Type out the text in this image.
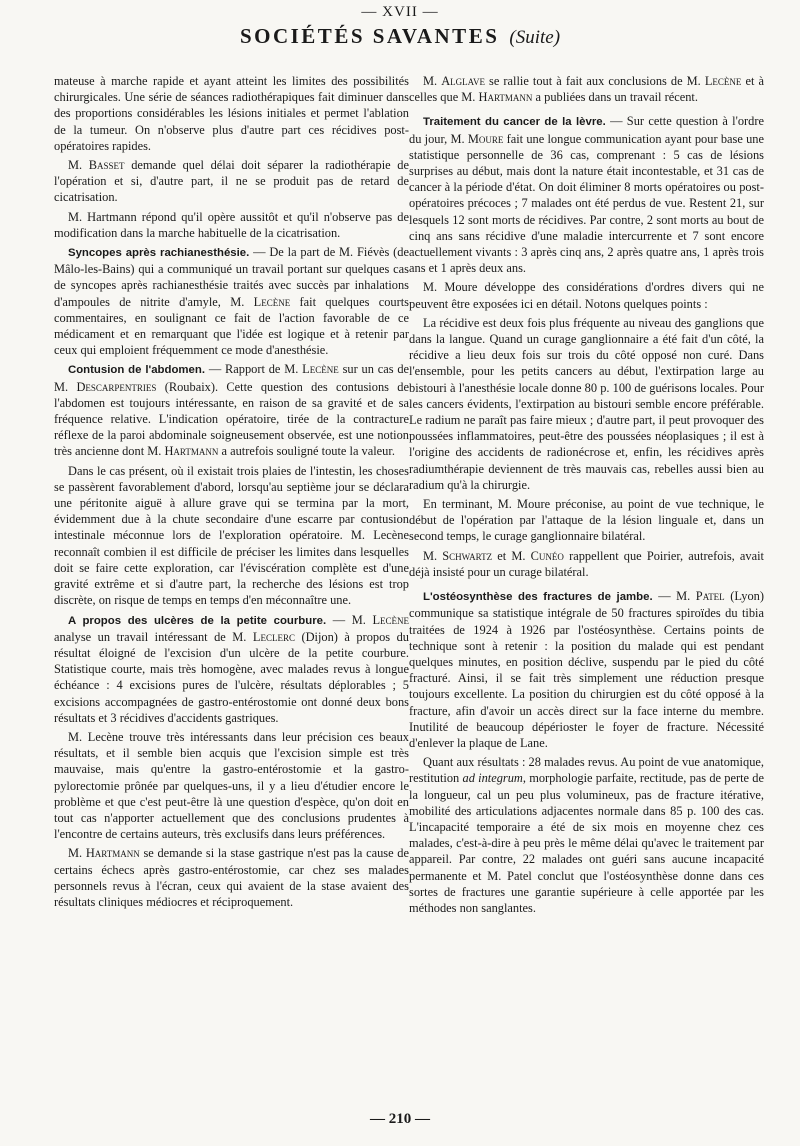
— XVII —
SOCIÉTÉS SAVANTES (Suite)

mateuse à marche rapide et ayant atteint les limites des possibilités chirurgicales. Une série de séances radiothérapiques fait diminuer dans des proportions considérables les lésions initiales et permet l'ablation de la tumeur. On n'observe plus d'autre part ces récidives post-opératoires rapides.

M. Basset demande quel délai doit séparer la radiothérapie de l'opération et si, d'autre part, il ne se produit pas de retard de cicatrisation.

M. Hartmann répond qu'il opère aussitôt et qu'il n'observe pas de modification dans la marche habituelle de la cicatrisation.

Syncopes après rachianesthésie. — De la part de M. Fiévès (de Mâlo-les-Bains) qui a communiqué un travail portant sur quelques cas de syncopes après rachianesthésie traités avec succès par inhalations d'ampoules de nitrite d'amyle, M. Lecène fait quelques courts commentaires, en soulignant ce fait de l'action favorable de ce médicament et en remarquant que l'idée est logique et à retenir par ceux qui emploient fréquemment ce mode d'anesthésie.

Contusion de l'abdomen. — Rapport de M. Lecène sur un cas de M. Descarpentries (Roubaix). Cette question des contusions de l'abdomen est toujours intéressante, en raison de sa gravité et de sa fréquence relative. L'indication opératoire, tirée de la contracture réflexe de la paroi abdominale soigneusement observée, est une notion très ancienne dont M. Hartmann a autrefois souligné toute la valeur.

Dans le cas présent, où il existait trois plaies de l'intestin, les choses se passèrent favorablement d'abord, lorsqu'au septième jour se déclara une péritonite aiguë à allure grave qui se termina par la mort, évidemment due à la chute secondaire d'une escarre par contusion intestinale méconnue lors de l'exploration opératoire. M. Lecène reconnaît combien il est difficile de préciser les limites dans lesquelles doit se faire cette exploration, car l'éviscération complète est d'une gravité extrême et si d'autre part, la recherche des lésions est trop discrète, on risque de temps en temps d'en méconnaître une.

A propos des ulcères de la petite courbure. — M. Lecène analyse un travail intéressant de M. Leclerc (Dijon) à propos du résultat éloigné de l'excision d'un ulcère de la petite courbure. Statistique courte, mais très homogène, avec malades revus à longue échéance : 4 excisions pures de l'ulcère, résultats déplorables ; 5 excisions accompagnées de gastro-entérostomie ont donné deux bons résultats et 3 récidives d'accidents gastriques.

M. Lecène trouve très intéressants dans leur précision ces beaux résultats, et il semble bien acquis que l'excision simple est très mauvaise, mais qu'entre la gastro-entérostomie et la gastro-pylorectomie prônée par quelques-uns, il y a lieu d'étudier encore le problème et que c'est peut-être là une question d'espèce, qu'on doit en tout cas n'apporter actuellement que des conclusions prudentes à l'encontre de certains auteurs, très exclusifs dans leurs préférences.

M. Hartmann se demande si la stase gastrique n'est pas la cause de certains échecs après gastro-entérostomie, car chez ses malades personnels revus à l'écran, ceux qui avaient de la stase avaient des résultats cliniques médiocres et réciproquement.

M. Alglave se rallie tout à fait aux conclusions de M. Lecène et à celles que M. Hartmann a publiées dans un travail récent.

Traitement du cancer de la lèvre. — Sur cette question à l'ordre du jour, M. Moure fait une longue communication ayant pour base une statistique personnelle de 36 cas, comprenant : 5 cas de lésions surprises au début, mais dont la nature était incontestable, et 31 cas de cancer à la période d'état. On doit éliminer 8 morts opératoires ou post-opératoires précoces ; 7 malades ont été perdus de vue. Restent 21, sur lesquels 12 sont morts de récidives. Par contre, 2 sont morts au bout de cinq ans sans récidive d'une maladie intercurrente et 7 sont encore actuellement vivants : 3 après cinq ans, 2 après quatre ans, 1 après trois ans et 1 après deux ans.

M. Moure développe des considérations d'ordres divers qui ne peuvent être exposées ici en détail. Notons quelques points :

La récidive est deux fois plus fréquente au niveau des ganglions que dans la langue. Quand un curage ganglionnaire a été fait d'un côté, la récidive a lieu deux fois sur trois du côté opposé non curé. Dans l'ensemble, pour les petits cancers au début, l'extirpation large au bistouri à l'anesthésie locale donne 80 p. 100 de guérisons locales. Pour les cancers évidents, l'extirpation au bistouri semble encore préférable. Le radium ne paraît pas faire mieux ; d'autre part, il peut provoquer des poussées inflammatoires, peut-être des poussées néoplasiques ; il est à l'origine des accidents de radionécrose et, enfin, les récidives après radiumthérapie deviennent de très mauvais cas, rebelles aussi bien au radium qu'à la chirurgie.

En terminant, M. Moure préconise, au point de vue technique, le début de l'opération par l'attaque de la lésion linguale et, dans un second temps, le curage ganglionnaire bilatéral.

M. Schwartz et M. Cunéo rappellent que Poirier, autrefois, avait déjà insisté pour un curage bilatéral.

L'ostéosynthèse des fractures de jambe. — M. Patel (Lyon) communique sa statistique intégrale de 50 fractures spiroïdes du tibia traitées de 1924 à 1926 par l'ostéosynthèse. Certains points de technique sont à retenir : la position du malade qui est pendant quelques minutes, en position déclive, suspendu par le pied du côté fracturé. Ainsi, il se fait très simplement une réduction presque toujours excellente. La position du chirurgien est du côté opposé à la fracture, afin d'avoir un accès direct sur la face interne du membre. Inutilité de beaucoup dépérioster le foyer de fracture. Nécessité d'enlever la plaque de Lane.

Quant aux résultats : 28 malades revus. Au point de vue anatomique, restitution ad integrum, morphologie parfaite, rectitude, pas de perte de la longueur, cal un peu plus volumineux, pas de fracture itérative, mobilité des articulations adjacentes normale dans 85 p. 100 des cas. L'incapacité temporaire a été de six mois en moyenne chez ces malades, c'est-à-dire à peu près le même délai qu'avec le traitement par appareil. Par contre, 22 malades ont guéri sans aucune incapacité permanente et M. Patel conclut que l'ostéosynthèse donne dans ces sortes de fractures une garantie supérieure à celle apportée par les méthodes non sanglantes.

— 210 —
